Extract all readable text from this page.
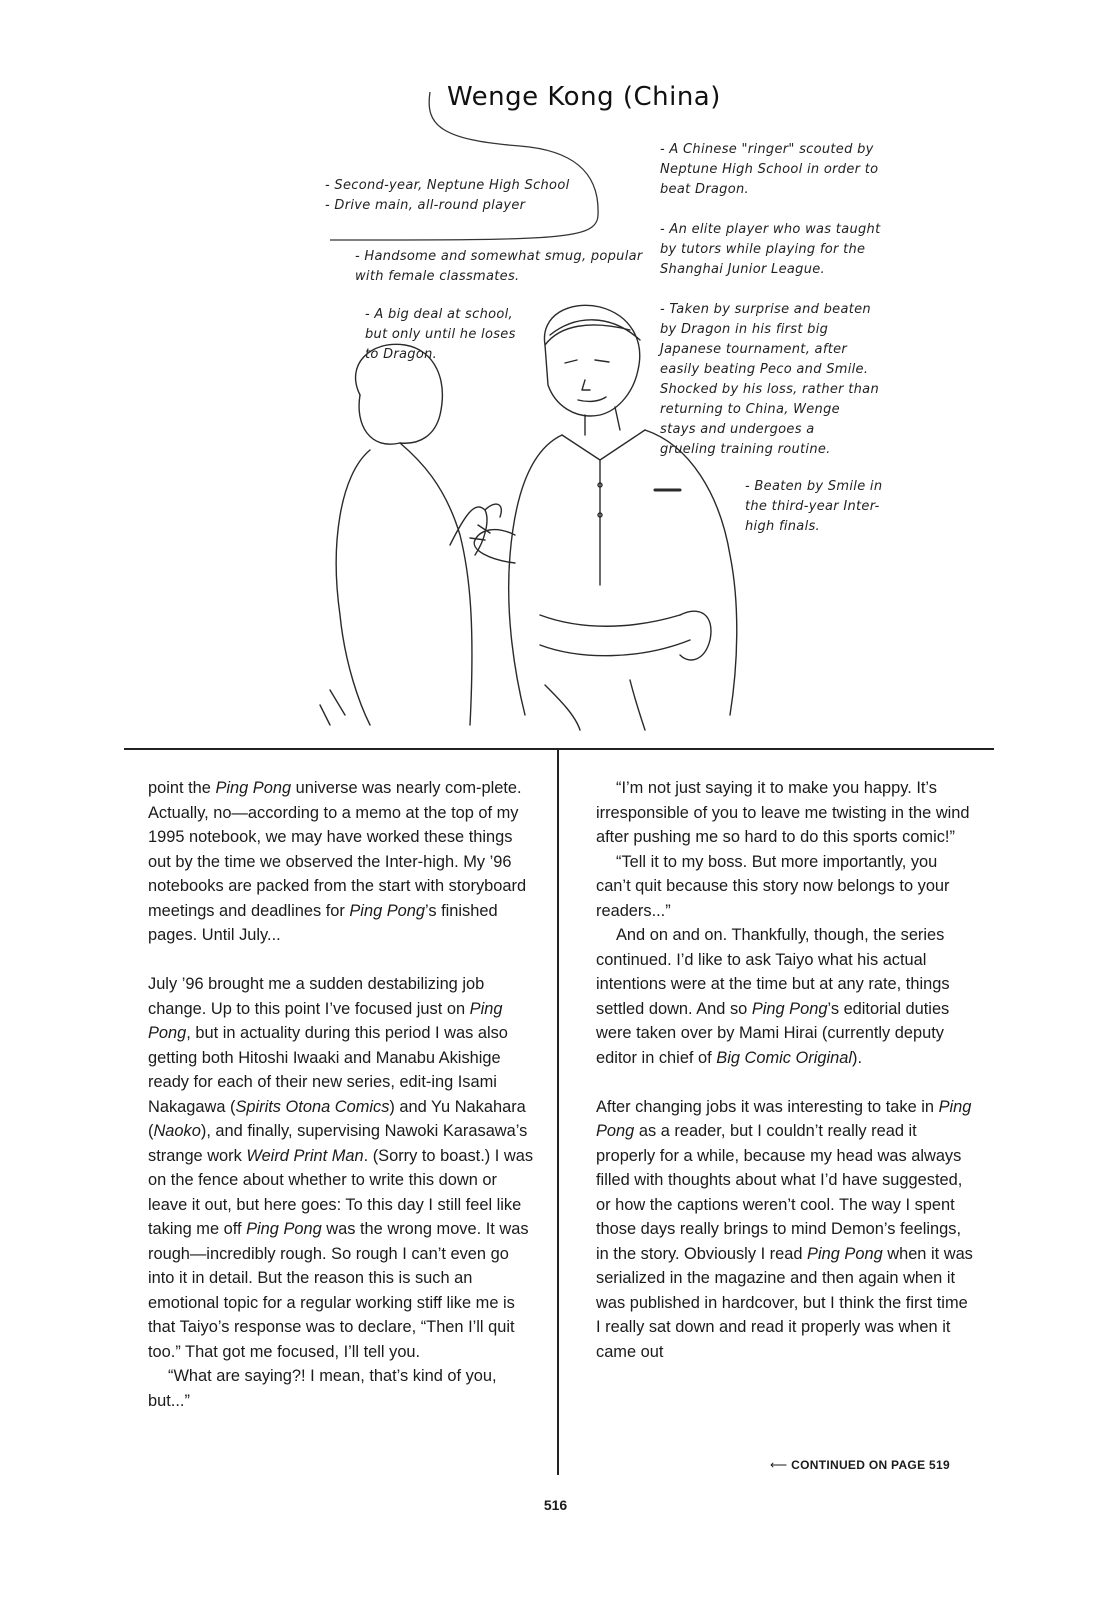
Wenge Kong (China)
- Second-year, Neptune High School
- Drive main, all-round player
- Handsome and somewhat smug, popular
with female classmates.
- A big deal at school,
but only until he loses
to Dragon.
- A Chinese "ringer" scouted by
Neptune High School in order to
beat Dragon.
- An elite player who was taught
by tutors while playing for the
Shanghai Junior League.
- Taken by surprise and beaten
by Dragon in his first big
Japanese tournament, after
easily beating Peco and Smile.
Shocked by his loss, rather than
returning to China, Wenge
stays and undergoes a
grueling training routine.
- Beaten by Smile in
the third-year Inter-
high finals.

point the Ping Pong universe was nearly com-plete. Actually, no—according to a memo at the top of my 1995 notebook, we may have worked these things out by the time we observed the Inter-high. My ’96 notebooks are packed from the start with storyboard meetings and deadlines for Ping Pong’s finished pages. Until July...

July ’96 brought me a sudden destabilizing job change. Up to this point I’ve focused just on Ping Pong, but in actuality during this period I was also getting both Hitoshi Iwaaki and Manabu Akishige ready for each of their new series, edit-ing Isami Nakagawa (Spirits Otona Comics) and Yu Nakahara (Naoko), and finally, supervising Nawoki Karasawa’s strange work Weird Print Man. (Sorry to boast.) I was on the fence about whether to write this down or leave it out, but here goes: To this day I still feel like taking me off Ping Pong was the wrong move. It was rough—incredibly rough. So rough I can’t even go into it in detail. But the reason this is such an emotional topic for a regular working stiff like me is that Taiyo’s response was to declare, “Then I’ll quit too.” That got me focused, I’ll tell you.

“What are saying?! I mean, that’s kind of you, but...”

“I’m not just saying it to make you happy. It’s irresponsible of you to leave me twisting in the wind after pushing me so hard to do this sports comic!”

“Tell it to my boss. But more importantly, you can’t quit because this story now belongs to your readers...”

And on and on. Thankfully, though, the series continued. I’d like to ask Taiyo what his actual intentions were at the time but at any rate, things settled down. And so Ping Pong’s editorial duties were taken over by Mami Hirai (currently deputy editor in chief of Big Comic Original).

After changing jobs it was interesting to take in Ping Pong as a reader, but I couldn’t really read it properly for a while, because my head was always filled with thoughts about what I’d have suggested, or how the captions weren’t cool. The way I spent those days really brings to mind Demon’s feelings, in the story. Obviously I read Ping Pong when it was serialized in the magazine and then again when it was published in hardcover, but I think the first time I really sat down and read it properly was when it came out

⟵ CONTINUED ON PAGE 519
516
